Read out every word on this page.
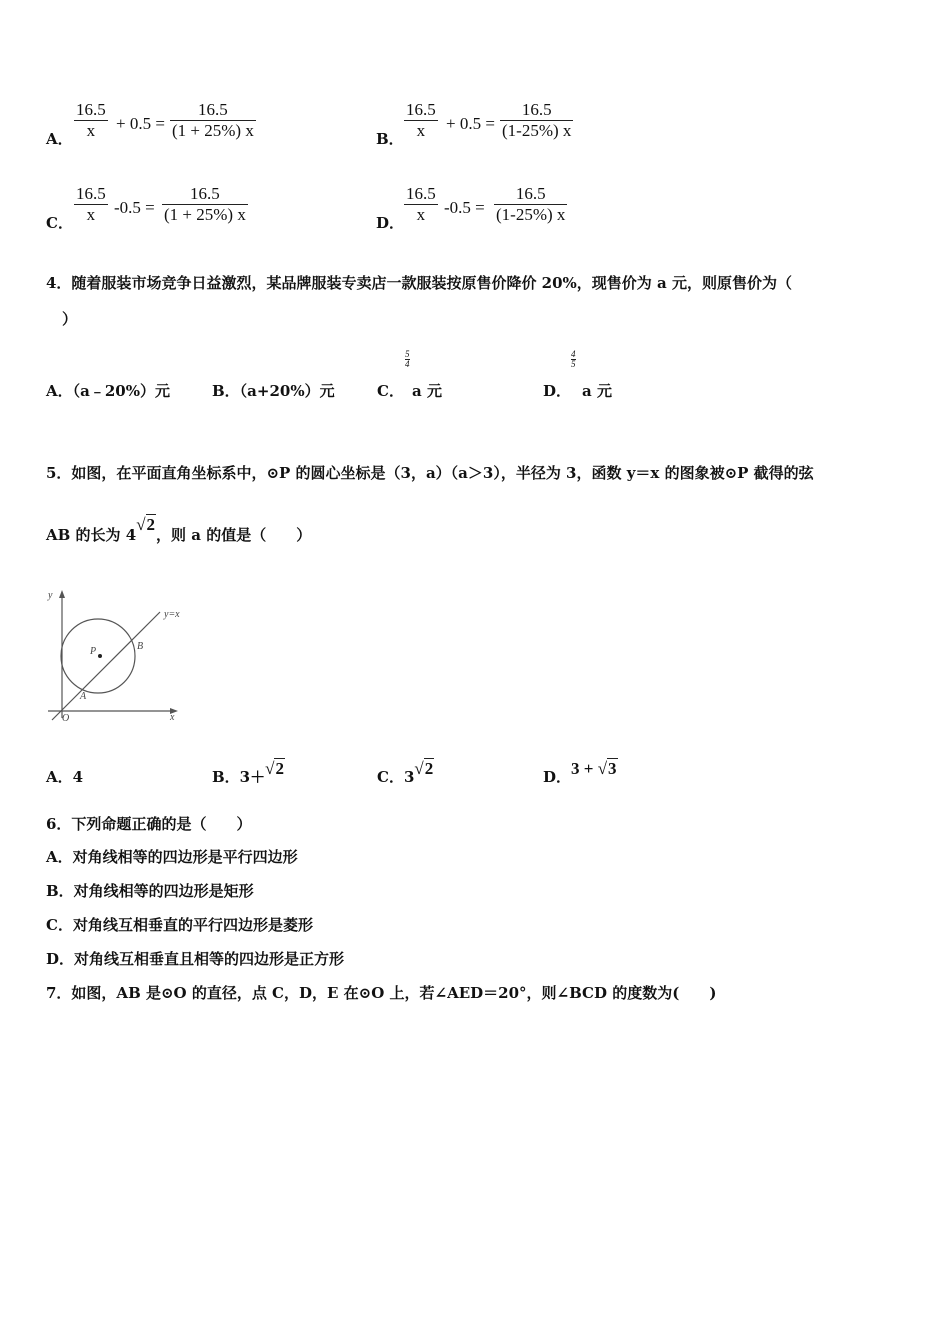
A． $\frac{16.5}{x} + 0.5 = \frac{16.5}{(1 + 25\%) x}$	B． $\frac{16.5}{x} + 0.5 = \frac{16.5}{(1-25\%) x}$
C． $\frac{16.5}{x} -0.5 = \frac{16.5}{(1 + 25\%) x}$	D． $\frac{16.5}{x} -0.5 = \frac{16.5}{(1-25\%) x}$
4．随着服装市场竞争日益激烈，某品牌服装专卖店一款服装按原售价降价 20%，现售价为 a 元，则原售价为（
）
A．（a﹣20%）元	B．（a+20%）元	C．
5
4
a 元	D．
4
5
a 元
5．如图，在平面直角坐标系中，⊙P 的圆心坐标是（3，a）（a＞3），半径为 3，函数 y＝x 的图象被⊙P 截得的弦
AB 的长为 4√2，则 a 的值是（　　）
y
x
O
P
A
B
y=x
A．4	B．3＋√2	C．3√2	D．3 + √3
6．下列命题正确的是（　　）
A．对角线相等的四边形是平行四边形
B．对角线相等的四边形是矩形
C．对角线互相垂直的平行四边形是菱形
D．对角线互相垂直且相等的四边形是正方形
7．如图，AB 是⊙O 的直径，点 C，D，E 在⊙O 上，若∠AED＝20°，则∠BCD 的度数为(　　)
